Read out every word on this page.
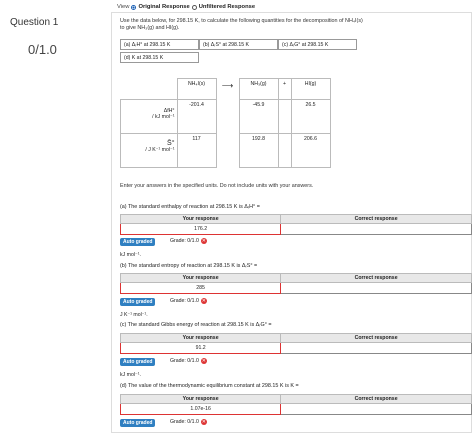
Question 1
0/1.0
View Original Response Unfiltered Response
Use the data below, for 298.15 K, to calculate the following quantities for the decomposition of NH₄I(s)
to give NH₃(g) and HI(g).
(a) ΔᵣH° at 298.15 K	(b) ΔᵣS° at 298.15 K	(c) ΔᵣG° at 298.15 K
(d) K at 298.15 K
	NH₄I(s)	⟶	NH₃(g)	+	HI(g)

ΔfH°
/ kJ mol⁻¹	-201.4		-45.9		26.5

S̄°
/ J K⁻¹ mol⁻¹	117		192.8		206.6
Enter your answers in the specified units. Do not include units with your answers.
(a) The standard enthalpy of reaction at 298.15 K is ΔᵣH° =
Your response	Correct response
176.2	
Auto graded	Grade: 0/1.0 ✕
kJ mol⁻¹.
(b) The standard entropy of reaction at 298.15 K is ΔᵣS° =
Your response	Correct response
285	
Auto graded	Grade: 0/1.0 ✕
J K⁻¹ mol⁻¹.
(c) The standard Gibbs energy of reaction at 298.15 K is ΔᵣG° =
Your response	Correct response
91.2	
Auto graded	Grade: 0/1.0 ✕
kJ mol⁻¹.
(d) The value of the thermodynamic equilibrium constant at 298.15 K is K =
Your response	Correct response
1.07e-16	
Auto graded	Grade: 0/1.0 ✕
